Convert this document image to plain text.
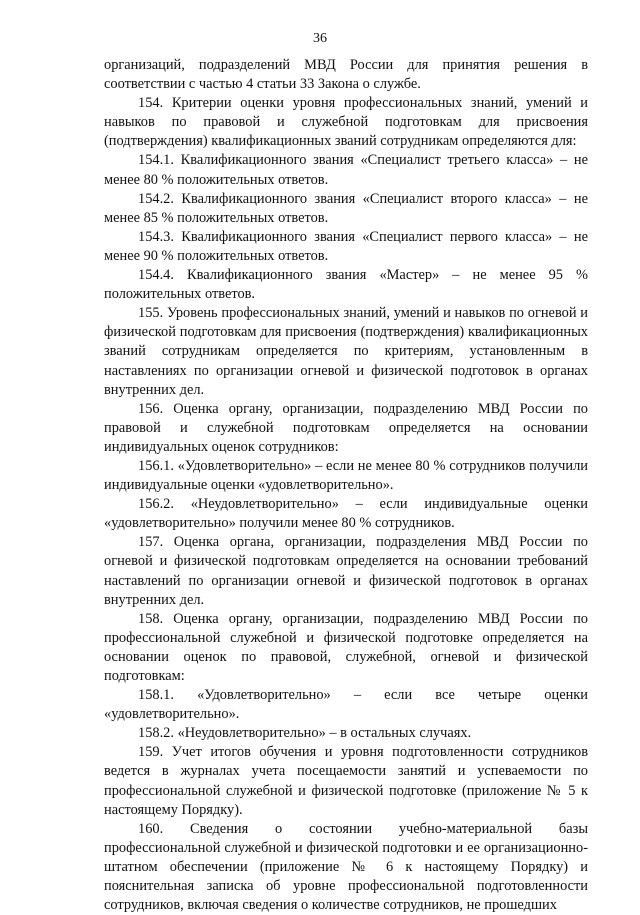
36

организаций, подразделений МВД России для принятия решения в соответствии с частью 4 статьи 33 Закона о службе.

154. Критерии оценки уровня профессиональных знаний, умений и навыков по правовой и служебной подготовкам для присвоения (подтверждения) квалификационных званий сотрудникам определяются для:

154.1. Квалификационного звания «Специалист третьего класса» – не менее 80 % положительных ответов.

154.2. Квалификационного звания «Специалист второго класса» – не менее 85 % положительных ответов.

154.3. Квалификационного звания «Специалист первого класса» – не менее 90 % положительных ответов.

154.4. Квалификационного звания «Мастер» – не менее 95 % положительных ответов.

155. Уровень профессиональных знаний, умений и навыков по огневой и физической подготовкам для присвоения (подтверждения) квалификационных званий сотрудникам определяется по критериям, установленным в наставлениях по организации огневой и физической подготовок в органах внутренних дел.

156. Оценка органу, организации, подразделению МВД России по правовой и служебной подготовкам определяется на основании индивидуальных оценок сотрудников:

156.1. «Удовлетворительно» – если не менее 80 % сотрудников получили индивидуальные оценки «удовлетворительно».

156.2. «Неудовлетворительно» – если индивидуальные оценки «удовлетворительно» получили менее 80 % сотрудников.

157. Оценка органа, организации, подразделения МВД России по огневой и физической подготовкам определяется на основании требований наставлений по организации огневой и физической подготовок в органах внутренних дел.

158. Оценка органу, организации, подразделению МВД России по профессиональной служебной и физической подготовке определяется на основании оценок по правовой, служебной, огневой и физической подготовкам:

158.1. «Удовлетворительно» – если все четыре оценки «удовлетворительно».

158.2. «Неудовлетворительно» – в остальных случаях.

159. Учет итогов обучения и уровня подготовленности сотрудников ведется в журналах учета посещаемости занятий и успеваемости по профессиональной служебной и физической подготовке (приложение № 5 к настоящему Порядку).

160. Сведения о состоянии учебно-материальной базы профессиональной служебной и физической подготовки и ее организационно-штатном обеспечении (приложение № 6 к настоящему Порядку) и пояснительная записка об уровне профессиональной подготовленности сотрудников, включая сведения о количестве сотрудников, не прошедших
